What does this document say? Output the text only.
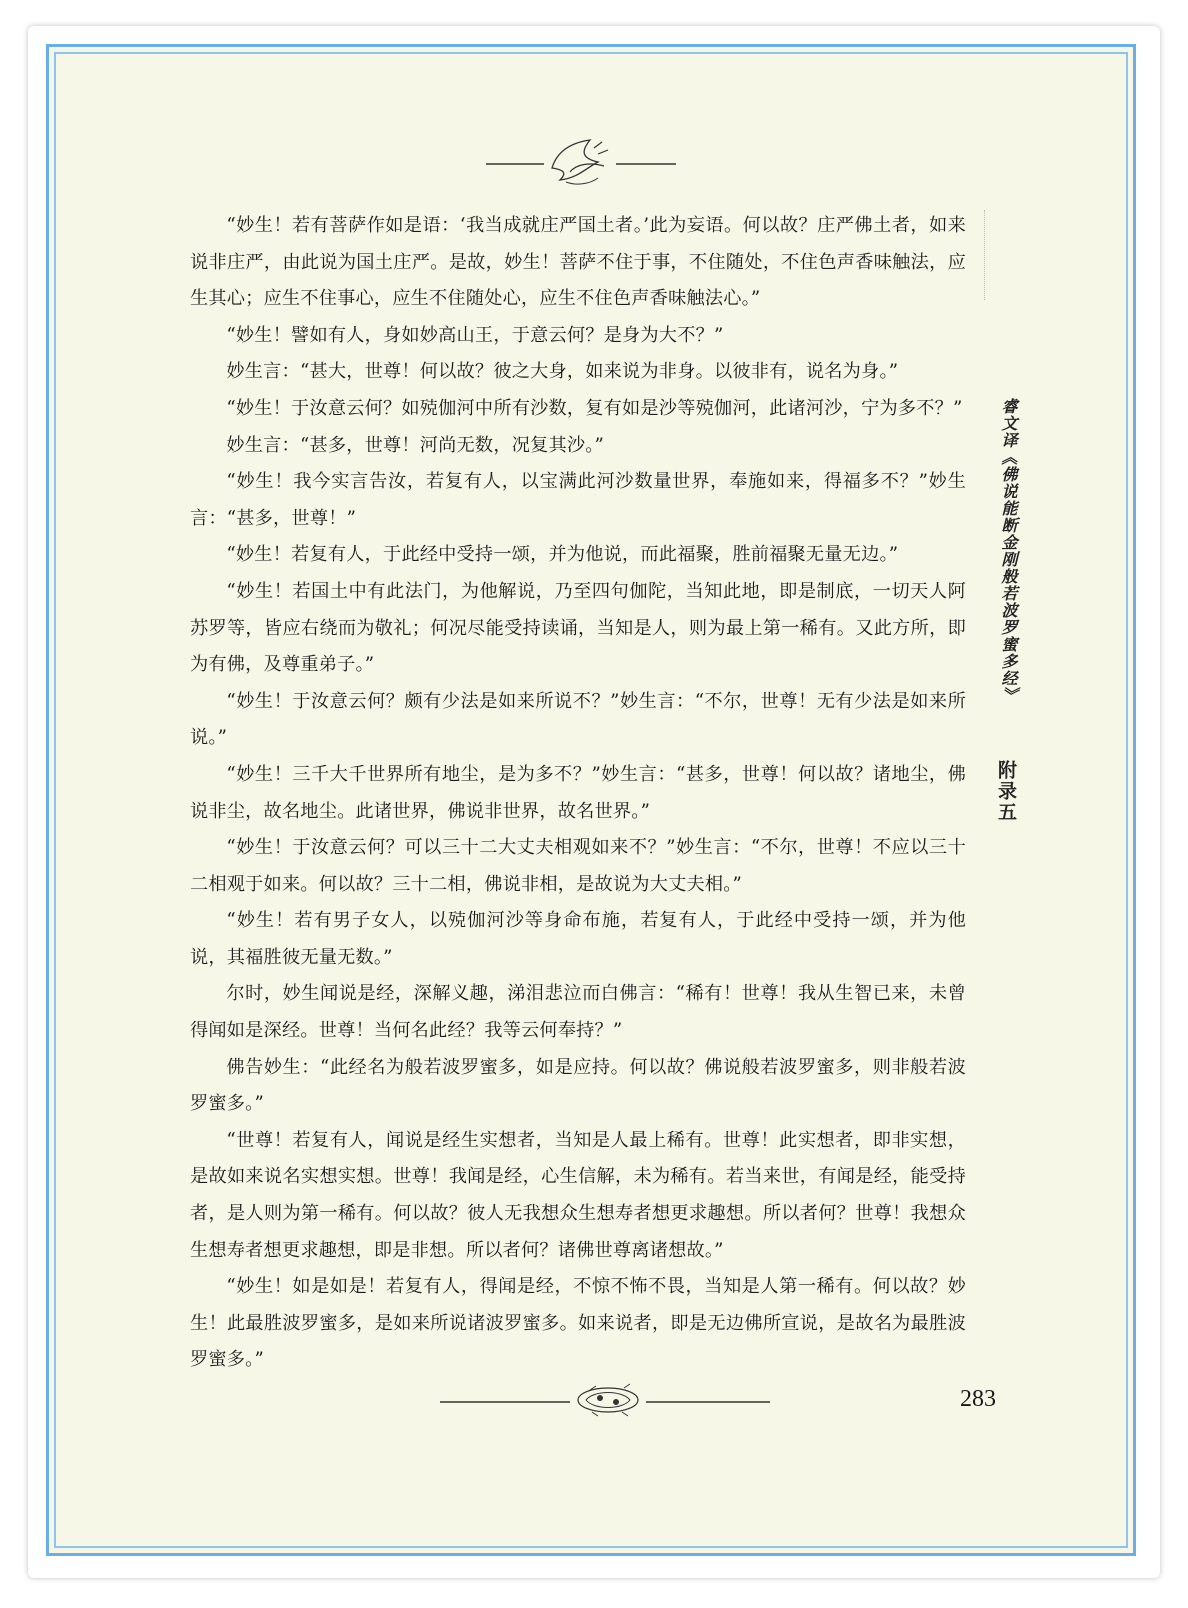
“妙生！若有菩萨作如是语：‘我当成就庄严国土者。’此为妄语。何以故？庄严佛土者，如来说非庄严，由此说为国土庄严。是故，妙生！菩萨不住于事，不住随处，不住色声香味触法，应生其心；应生不住事心，应生不住随处心，应生不住色声香味触法心。”

“妙生！譬如有人，身如妙高山王，于意云何？是身为大不？”

妙生言：“甚大，世尊！何以故？彼之大身，如来说为非身。以彼非有，说名为身。”

“妙生！于汝意云何？如殑伽河中所有沙数，复有如是沙等殑伽河，此诸河沙，宁为多不？”

妙生言：“甚多，世尊！河尚无数，况复其沙。”

“妙生！我今实言告汝，若复有人，以宝满此河沙数量世界，奉施如来，得福多不？”妙生言：“甚多，世尊！”

“妙生！若复有人，于此经中受持一颂，并为他说，而此福聚，胜前福聚无量无边。”

“妙生！若国土中有此法门，为他解说，乃至四句伽陀，当知此地，即是制底，一切天人阿苏罗等，皆应右绕而为敬礼；何况尽能受持读诵，当知是人，则为最上第一稀有。又此方所，即为有佛，及尊重弟子。”

“妙生！于汝意云何？颇有少法是如来所说不？”妙生言：“不尔，世尊！无有少法是如来所说。”

“妙生！三千大千世界所有地尘，是为多不？”妙生言：“甚多，世尊！何以故？诸地尘，佛说非尘，故名地尘。此诸世界，佛说非世界，故名世界。”

“妙生！于汝意云何？可以三十二大丈夫相观如来不？”妙生言：“不尔，世尊！不应以三十二相观于如来。何以故？三十二相，佛说非相，是故说为大丈夫相。”

“妙生！若有男子女人，以殑伽河沙等身命布施，若复有人，于此经中受持一颂，并为他说，其福胜彼无量无数。”

尔时，妙生闻说是经，深解义趣，涕泪悲泣而白佛言：“稀有！世尊！我从生智已来，未曾得闻如是深经。世尊！当何名此经？我等云何奉持？”

佛告妙生：“此经名为般若波罗蜜多，如是应持。何以故？佛说般若波罗蜜多，则非般若波罗蜜多。”

“世尊！若复有人，闻说是经生实想者，当知是人最上稀有。世尊！此实想者，即非实想，是故如来说名实想实想。世尊！我闻是经，心生信解，未为稀有。若当来世，有闻是经，能受持者，是人则为第一稀有。何以故？彼人无我想众生想寿者想更求趣想。所以者何？世尊！我想众生想寿者想更求趣想，即是非想。所以者何？诸佛世尊离诸想故。”

“妙生！如是如是！若复有人，得闻是经，不惊不怖不畏，当知是人第一稀有。何以故？妙生！此最胜波罗蜜多，是如来所说诸波罗蜜多。如来说者，即是无边佛所宣说，是故名为最胜波罗蜜多。”

睿文译《佛说能断金刚般若波罗蜜多经》
附录五
283
